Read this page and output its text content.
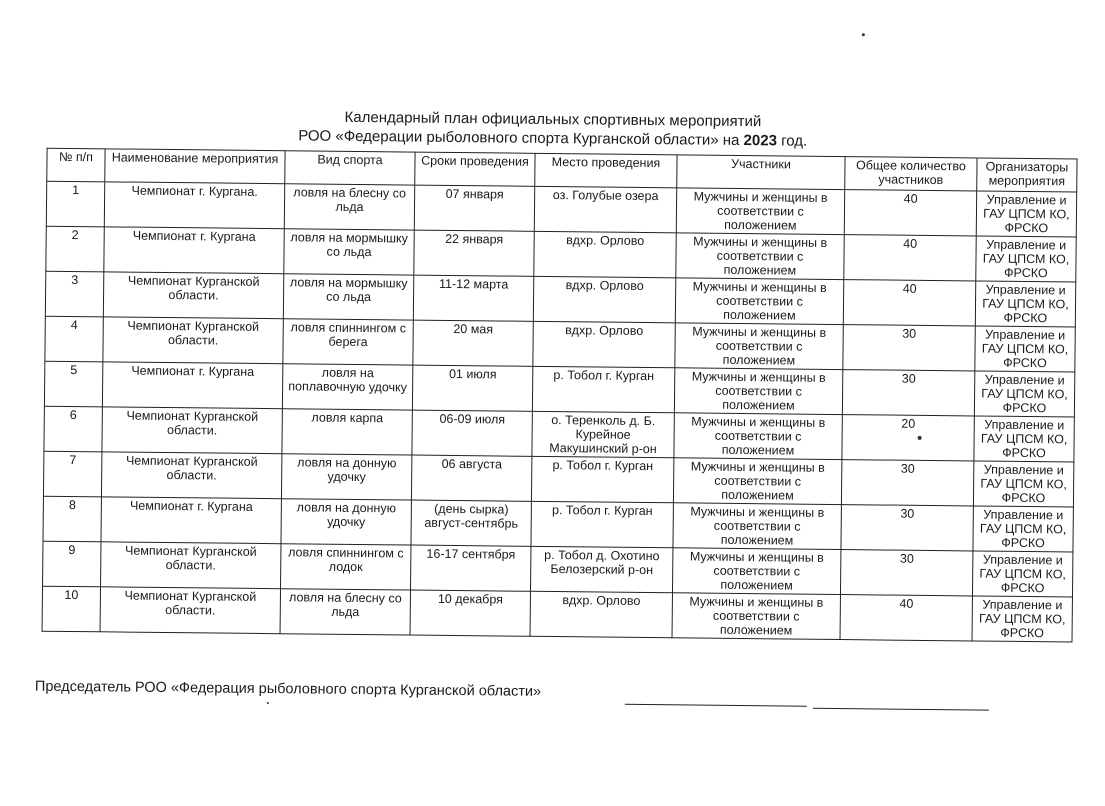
Календарный план официальных спортивных мероприятий
РОО «Федерации рыболовного спорта Курганской области» на 2023 год.
№ п/п	Наименование мероприятия	Вид спорта	Сроки проведения	Место проведения	Участники	Общее количество участников	Организаторы мероприятия
1	Чемпионат г. Кургана.	ловля на блесну со льда	07 января	оз. Голубые озера	Мужчины и женщины в соответствии с положением	40	Управление и ГАУ ЦПСМ КО, ФРСКО
2	Чемпионат г. Кургана	ловля на мормышку со льда	22 января	вдхр. Орлово	Мужчины и женщины в соответствии с положением	40	Управление и ГАУ ЦПСМ КО, ФРСКО
3	Чемпионат Курганской области.	ловля на мормышку со льда	11-12 марта	вдхр. Орлово	Мужчины и женщины в соответствии с положением	40	Управление и ГАУ ЦПСМ КО, ФРСКО
4	Чемпионат Курганской области.	ловля спиннингом с берега	20 мая	вдхр. Орлово	Мужчины и женщины в соответствии с положением	30	Управление и ГАУ ЦПСМ КО, ФРСКО
5	Чемпионат г. Кургана	ловля на поплавочную удочку	01 июля	р. Тобол г. Курган	Мужчины и женщины в соответствии с положением	30	Управление и ГАУ ЦПСМ КО, ФРСКО
6	Чемпионат Курганской области.	ловля карпа	06-09 июля	о. Теренколь д. Б. Курейное Макушинский р-он	Мужчины и женщины в соответствии с положением	20	Управление и ГАУ ЦПСМ КО, ФРСКО
7	Чемпионат Курганской области.	ловля на донную удочку	06 августа	р. Тобол г. Курган	Мужчины и женщины в соответствии с положением	30	Управление и ГАУ ЦПСМ КО, ФРСКО
8	Чемпионат г. Кургана	ловля на донную удочку	(день сырка) август-сентябрь	р. Тобол г. Курган	Мужчины и женщины в соответствии с положением	30	Управление и ГАУ ЦПСМ КО, ФРСКО
9	Чемпионат Курганской области.	ловля спиннингом с лодок	16-17 сентября	р. Тобол д. Охотино Белозерский р-он	Мужчины и женщины в соответствии с положением	30	Управление и ГАУ ЦПСМ КО, ФРСКО
10	Чемпионат Курганской области.	ловля на блесну со льда	10 декабря	вдхр. Орлово	Мужчины и женщины в соответствии с положением	40	Управление и ГАУ ЦПСМ КО, ФРСКО
Председатель РОО «Федерация рыболовного спорта Курганской области»
